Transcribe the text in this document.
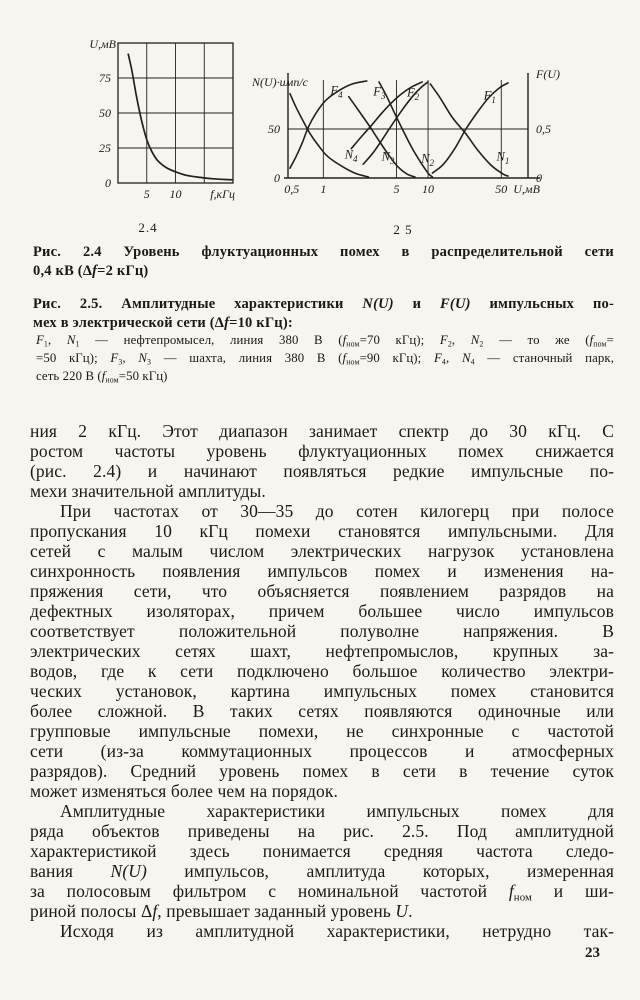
0
25
50
75
5 10
U,мВ
f,кГц
2.4
$F_4$ $F_3$ $F_2$	$F_1$
$N_4$ $N_3$ $N_2$	$N_1$
50
0
0,5
0
0,5 1	5 10	50
N(U)·имп/с
F(U)
U,мВ
2 5
Рис. 2.4 Уровень флуктуационных помех в распределительной сети
0,4 кВ (Δf=2 кГц)
Рис. 2.5. Амплитудные характеристики N(U) и F(U) импульсных по-
мех в электрической сети (Δf=10 кГц):
$F_1$, $N_1$ — нефтепромысел, линия 380 В ($f_{ном}=70$ кГц); $F_2$, $N_2$ — то же ($f_{пом}=$
=50 кГц); $F_3$, $N_3$ — шахта, линия 380 В ($f_{ном}=90$ кГц); $F_4$, $N_4$ — станочный парк,
сеть 220 В ($f_{ном}=50$ кГц)
ния 2 кГц. Этот диапазон занимает спектр до 30 кГц. С
ростом частоты уровень флуктуационных помех снижается
(рис. 2.4) и начинают появляться редкие импульсные по-
мехи значительной амплитуды.
При частотах от 30—35 до сотен килогерц при полосе
пропускания 10 кГц помехи становятся импульсными. Для
сетей с малым числом электрических нагрузок установлена
синхронность появления импульсов помех и изменения на-
пряжения сети, что объясняется появлением разрядов на
дефектных изоляторах, причем большее число импульсов
соответствует положительной полуволне напряжения. В
электрических сетях шахт, нефтепромыслов, крупных за-
водов, где к сети подключено большое количество электри-
ческих установок, картина импульсных помех становится
более сложной. В таких сетях появляются одиночные или
групповые импульсные помехи, не синхронные с частотой
сети (из-за коммутационных процессов и атмосферных
разрядов). Средний уровень помех в сети в течение суток
может изменяться более чем на порядок.
Амплитудные характеристики импульсных помех для
ряда объектов приведены на рис. 2.5. Под амплитудной
характеристикой здесь понимается средняя частота следо-
вания N(U) импульсов, амплитуда которых, измеренная
за полосовым фильтром с номинальной частотой $f_{ном}$ и ши-
риной полосы Δf, превышает заданный уровень U.
Исходя из амплитудной характеристики, нетрудно так-
23
